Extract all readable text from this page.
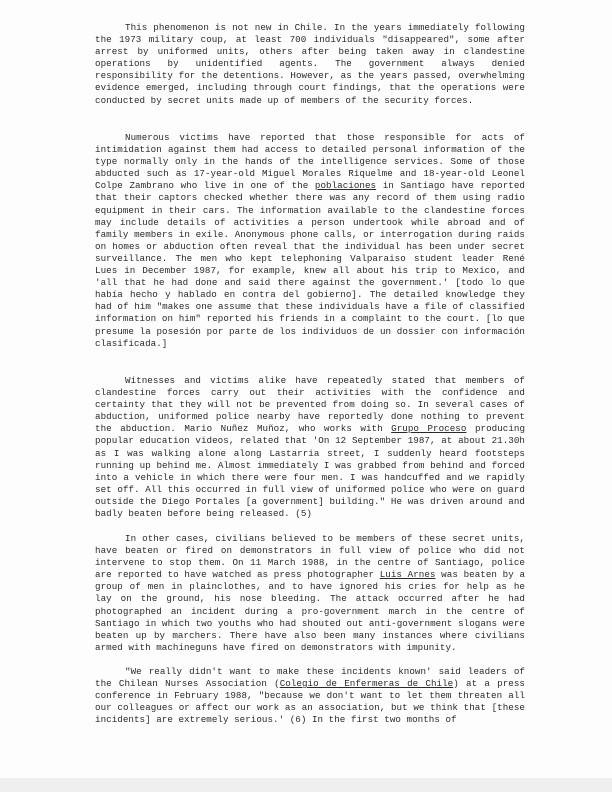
This phenomenon is not new in Chile. In the years immediately following the 1973 military coup, at least 700 individuals "disappeared", some after arrest by uniformed units, others after being taken away in clandestine operations by unidentified agents. The government always denied responsibility for the detentions. However, as the years passed, overwhelming evidence emerged, including through court findings, that the operations were conducted by secret units made up of members of the security forces.

Numerous victims have reported that those responsible for acts of intimidation against them had access to detailed personal information of the type normally only in the hands of the intelligence services. Some of those abducted such as 17-year-old Miguel Morales Riquelme and 18-year-old Leonel Colpe Zambrano who live in one of the poblaciones in Santiago have reported that their captors checked whether there was any record of them using radio equipment in their cars. The information available to the clandestine forces may include details of activities a person undertook while abroad and of family members in exile. Anonymous phone calls, or interrogation during raids on homes or abduction often reveal that the individual has been under secret surveillance. The men who kept telephoning Valparaiso student leader René Lues in December 1987, for example, knew all about his trip to Mexico, and 'all that he had done and said there against the government.' [todo lo que había hecho y hablado en contra del gobierno]. The detailed knowledge they had of him "makes one assume that these individuals have a file of classified information on him" reported his friends in a complaint to the court. [lo que presume la posesión por parte de los individuos de un dossier con información clasificada.]

Witnesses and victims alike have repeatedly stated that members of clandestine forces carry out their activities with the confidence and certainty that they will not be prevented from doing so. In several cases of abduction, uniformed police nearby have reportedly done nothing to prevent the abduction. Mario Nuñez Muñoz, who works with Grupo Proceso producing popular education videos, related that 'On 12 September 1987, at about 21.30h as I was walking alone along Lastarria street, I suddenly heard footsteps running up behind me. Almost immediately I was grabbed from behind and forced into a vehicle in which there were four men. I was handcuffed and we rapidly set off. All this occurred in full view of uniformed police who were on guard outside the Diego Portales [a government] building." He was driven around and badly beaten before being released. (5)

In other cases, civilians believed to be members of these secret units, have beaten or fired on demonstrators in full view of police who did not intervene to stop them. On 11 March 1988, in the centre of Santiago, police are reported to have watched as press photographer Luis Arnes was beaten by a group of men in plainclothes, and to have ignored his cries for help as he lay on the ground, his nose bleeding. The attack occurred after he had photographed an incident during a pro-government march in the centre of Santiago in which two youths who had shouted out anti-government slogans were beaten up by marchers. There have also been many instances where civilians armed with machineguns have fired on demonstrators with impunity.

"We really didn't want to make these incidents known' said leaders of the Chilean Nurses Association (Colegio de Enfermeras de Chile) at a press conference in February 1988, "because we don't want to let them threaten all our colleagues or affect our work as an association, but we think that [these incidents] are extremely serious.' (6) In the first two months of
